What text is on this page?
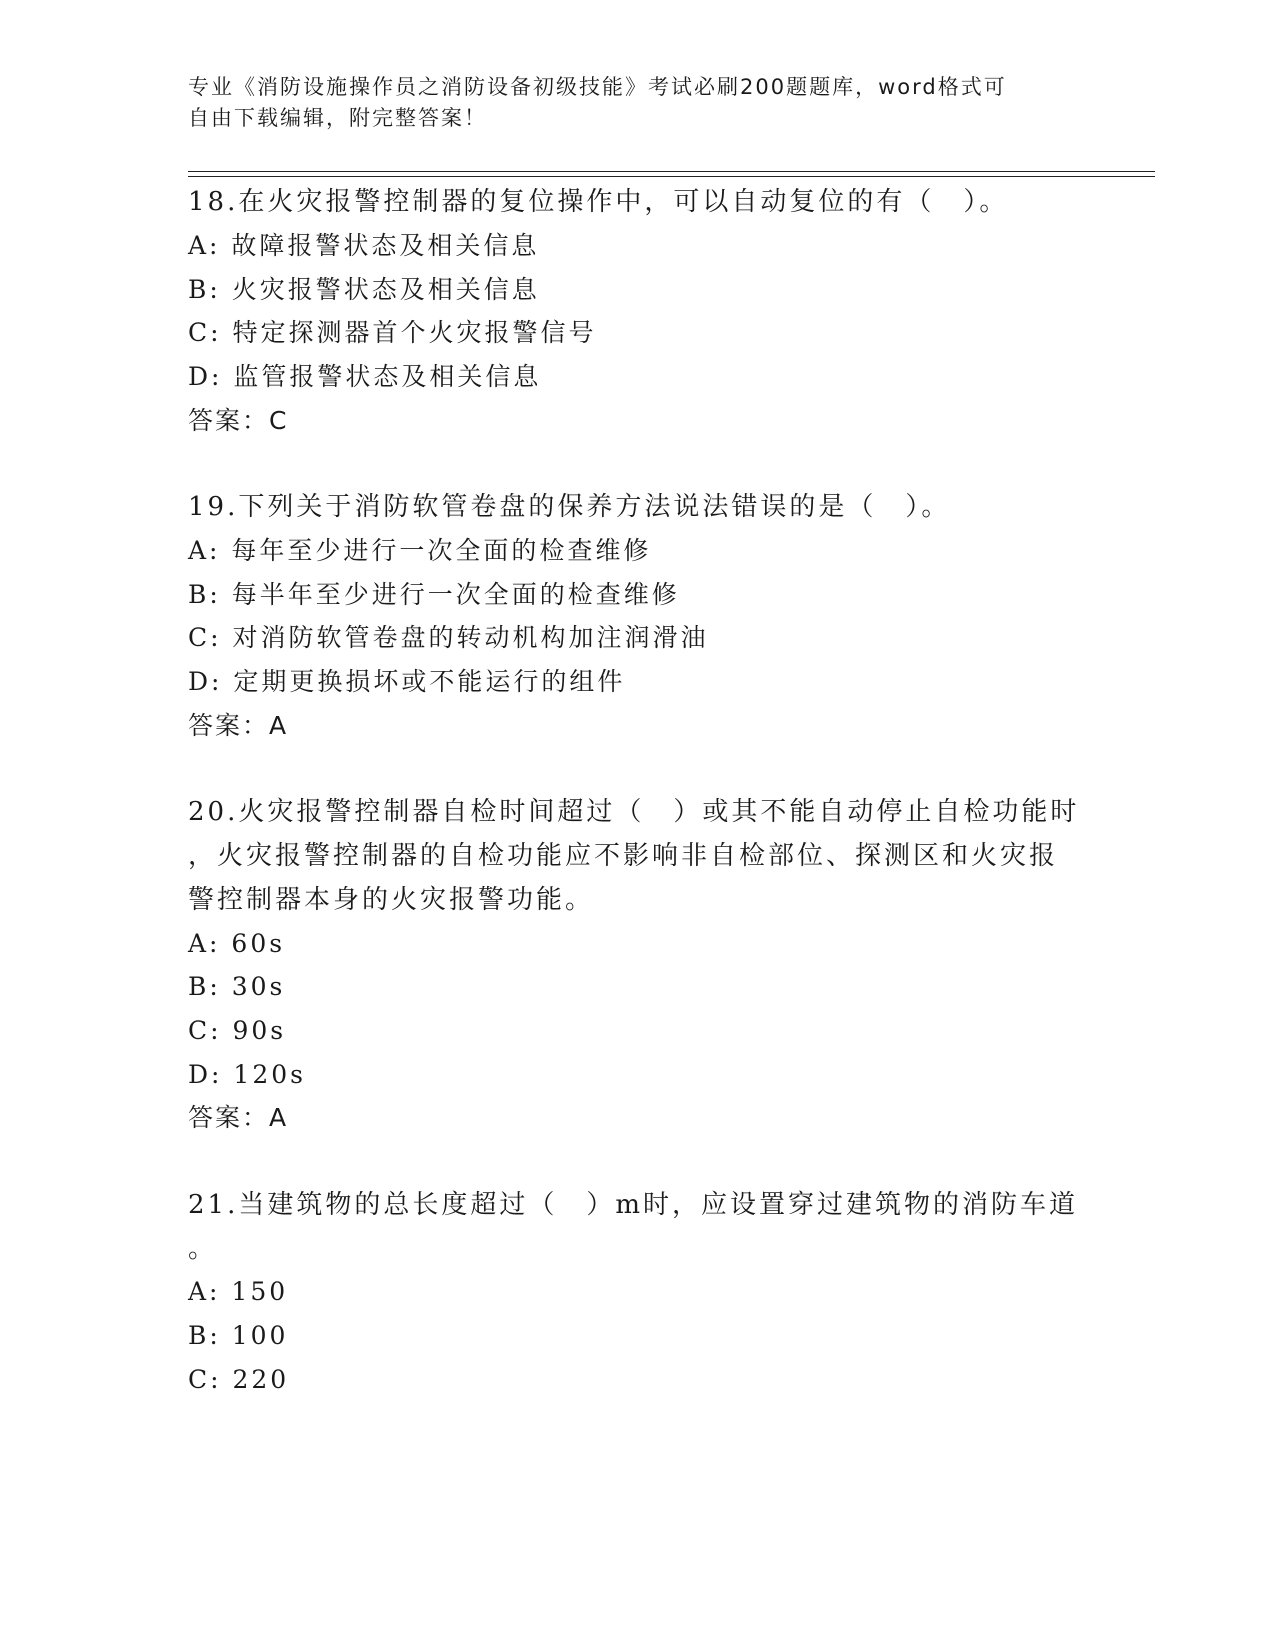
专业《消防设施操作员之消防设备初级技能》考试必刷200题题库，word格式可
自由下载编辑，附完整答案！
18.在火灾报警控制器的复位操作中，可以自动复位的有（　）。
A: 故障报警状态及相关信息
B: 火灾报警状态及相关信息
C: 特定探测器首个火灾报警信号
D: 监管报警状态及相关信息
答案：C
19.下列关于消防软管卷盘的保养方法说法错误的是（　）。
A: 每年至少进行一次全面的检查维修
B: 每半年至少进行一次全面的检查维修
C: 对消防软管卷盘的转动机构加注润滑油
D: 定期更换损坏或不能运行的组件
答案：A
20.火灾报警控制器自检时间超过（　）或其不能自动停止自检功能时
，火灾报警控制器的自检功能应不影响非自检部位、探测区和火灾报
警控制器本身的火灾报警功能。
A: 60s
B: 30s
C: 90s
D: 120s
答案：A
21.当建筑物的总长度超过（　）m时，应设置穿过建筑物的消防车道
。
A: 150
B: 100
C: 220
